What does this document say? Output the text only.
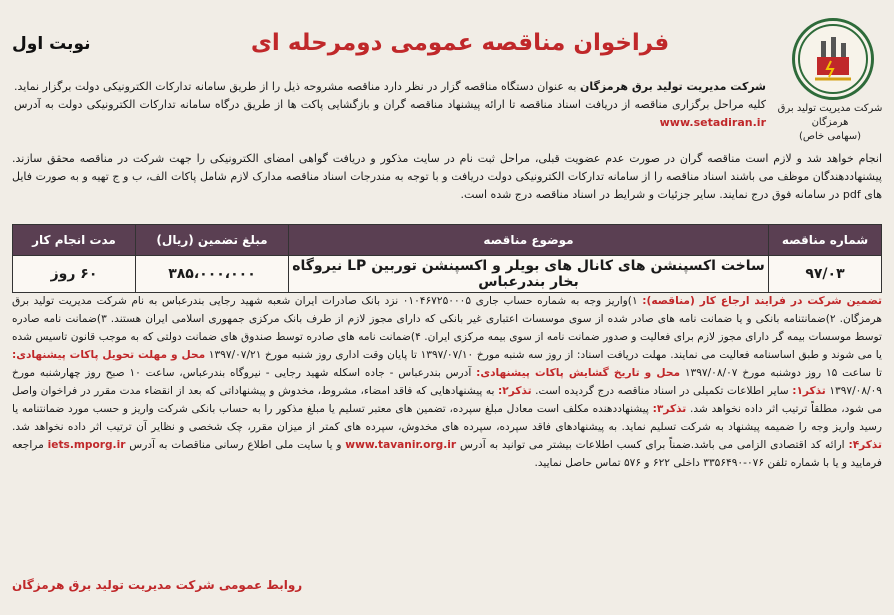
نوبت اول	فراخوان مناقصه عمومی دومرحله ای
شرکت مدیریت تولید برق هرمزگان
(سهامی خاص)
شرکت مدیریت تولید برق هرمزگان به عنوان دستگاه مناقصه گزار در نظر دارد مناقصه مشروحه ذیل را از طریق سامانه تدارکات الکترونیکی دولت برگزار نماید. کلیه مراحل برگزاری مناقصه از دریافت اسناد مناقصه تا ارائه پیشنهاد مناقصه گران و بازگشایی پاکت ها از طریق درگاه سامانه تدارکات الکترونیکی دولت به آدرس www.setadiran.ir
انجام خواهد شد و لازم است مناقصه گران در صورت عدم عضویت قبلی، مراحل ثبت نام در سایت مذکور و دریافت گواهی امضای الکترونیکی را جهت شرکت در مناقصه محقق سازند. پیشنهاددهندگان موظف می باشند اسناد مناقصه را از سامانه تدارکات الکترونیکی دولت دریافت و با توجه به مندرجات اسناد مناقصه مدارک لازم شامل پاکات الف، ب و ج تهیه و به صورت فایل های pdf در سامانه فوق درج نمایند. سایر جزئیات و شرایط در اسناد مناقصه درج شده است.
شماره مناقصه	موضوع مناقصه	مبلغ تضمین (ریال)	مدت انجام کار
۹۷/۰۳	ساخت اکسپنشن های کانال های بویلر و اکسپنشن توربین LP نیروگاه بخار بندرعباس	۳۸۵،۰۰۰،۰۰۰	۶۰ روز
تضمین شرکت در فرایند ارجاع کار (مناقصه): ۱)واریز وجه به شماره حساب جاری ۰۱۰۴۶۷۲۵۰۰۰۵ نزد بانک صادرات ایران شعبه شهید رجایی بندرعباس به نام شرکت مدیریت تولید برق هرمزگان. ۲)ضمانتنامه بانکی و یا ضمانت نامه های صادر شده از سوی موسسات اعتباری غیر بانکی که دارای مجوز لازم از طرف بانک مرکزی جمهوری اسلامی ایران هستند. ۳)ضمانت نامه صادره توسط موسسات بیمه گر دارای مجوز لازم برای فعالیت و صدور ضمانت نامه از سوی بیمه مرکزی ایران. ۴)ضمانت نامه های صادره توسط صندوق های ضمانت دولتی که به موجب قانون تاسیس شده یا می شوند و طبق اساسنامه فعالیت می نمایند. مهلت دریافت اسناد: از روز سه شنبه مورخ ۱۳۹۷/۰۷/۱۰ تا پایان وقت اداری روز شنبه مورخ ۱۳۹۷/۰۷/۲۱ محل و مهلت تحویل پاکات پیشنهادی: تا ساعت ۱۵ روز دوشنبه مورخ ۱۳۹۷/۰۸/۰۷ محل و تاریخ گشایش پاکات پیشنهادی: آدرس بندرعباس - جاده اسکله شهید رجایی - نیروگاه بندرعباس، ساعت ۱۰ صبح روز چهارشنبه مورخ ۱۳۹۷/۰۸/۰۹ تذکر۱: سایر اطلاعات تکمیلی در اسناد مناقصه درج گردیده است. تذکر۲: به پیشنهادهایی که فاقد امضاء، مشروط، مخدوش و پیشنهاداتی که بعد از انقضاء مدت مقرر در فراخوان واصل می شود، مطلقاً ترتیب اثر داده نخواهد شد. تذکر۳: پیشنهاددهنده مکلف است معادل مبلغ سپرده، تضمین های معتبر تسلیم یا مبلغ مذکور را به حساب بانکی شرکت واریز و حسب مورد ضمانتنامه یا رسید واریز وجه را ضمیمه پیشنهاد به شرکت تسلیم نماید. به پیشنهادهای فاقد سپرده، سپرده های مخدوش، سپرده های کمتر از میزان مقرر، چک شخصی و نظایر آن ترتیب اثر داده نخواهد شد. تذکر۴: ارائه کد اقتصادی الزامی می باشد.ضمناً برای کسب اطلاعات بیشتر می توانید به آدرس www.tavanir.org.ir و یا سایت ملی اطلاع رسانی مناقصات به آدرس iets.mporg.ir مراجعه فرمایید و یا با شماره تلفن ۰۷۶-۳۳۵۶۴۹۰ داخلی ۶۲۲ و ۵۷۶ تماس حاصل نمایید.
روابط عمومی شرکت مدیریت تولید برق هرمزگان
